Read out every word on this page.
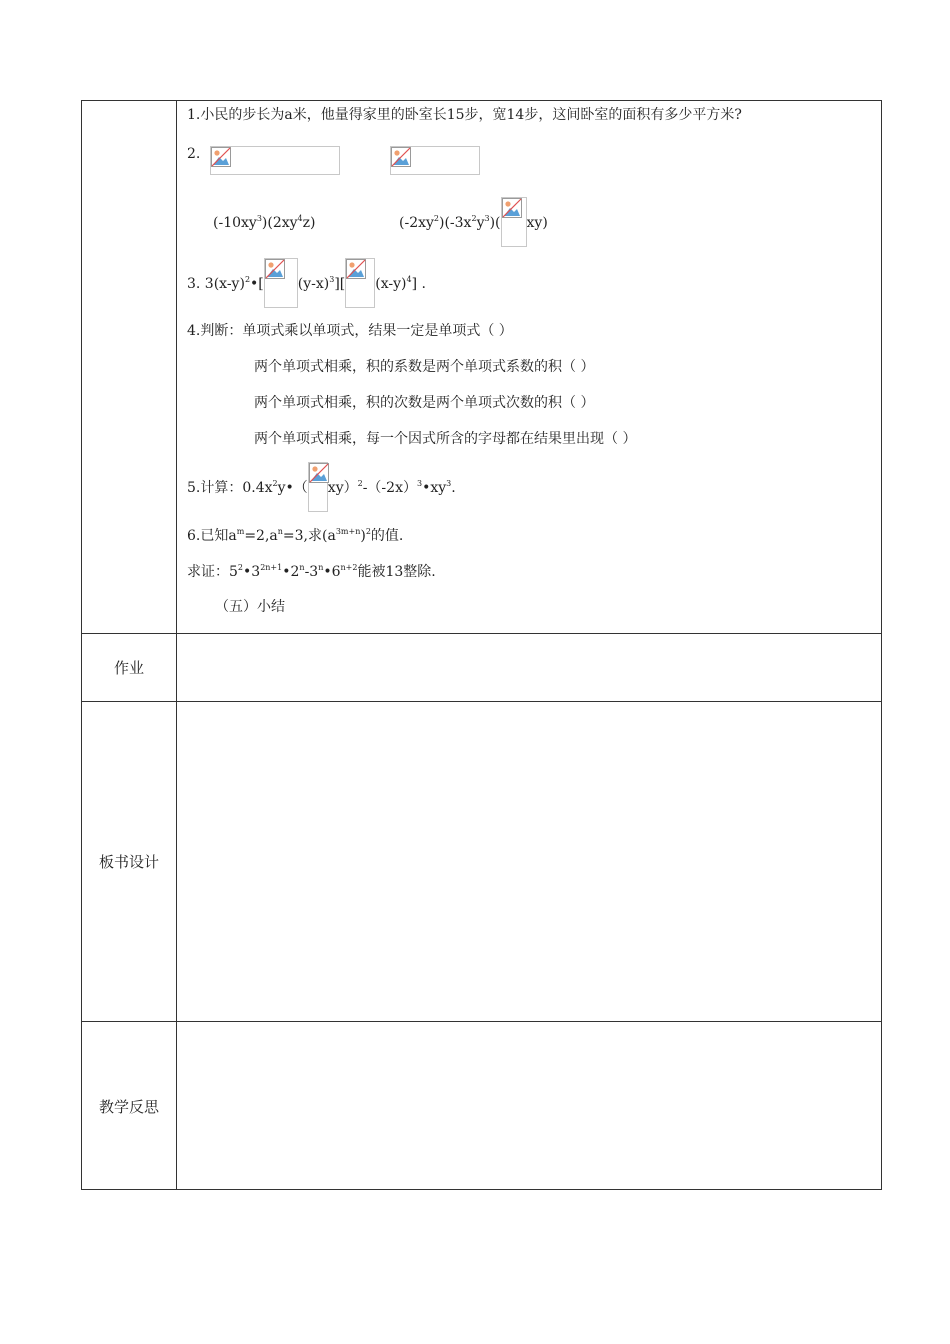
1.小民的步长为a米，他量得家里的卧室长15步，宽14步，这间卧室的面积有多少平方米?
2.
$(-10xy^3)(2xy^4z)$	$(-2xy^2)(-3x^2y^3)$( xy)
3. $3(x-y)^2•$[ $(y-x)^3$][ $(x-y)^4$] .
4.判断：单项式乘以单项式，结果一定是单项式（ ）
两个单项式相乘，积的系数是两个单项式系数的积（ ）
两个单项式相乘，积的次数是两个单项式次数的积（ ）
两个单项式相乘，每一个因式所含的字母都在结果里出现（ ）
5.计算：$0.4x^2y•$（ $xy)^2-(-2x)^3•xy^3$.
6.已知$a^m=2,a^n=3$,求$(a^{3m+n})^2$的值.
求证：$5^2•3^{2n+1}•2^n-3^n•6^{n+2}$能被13整除.
（五）小结
作业
板书设计
教学反思
